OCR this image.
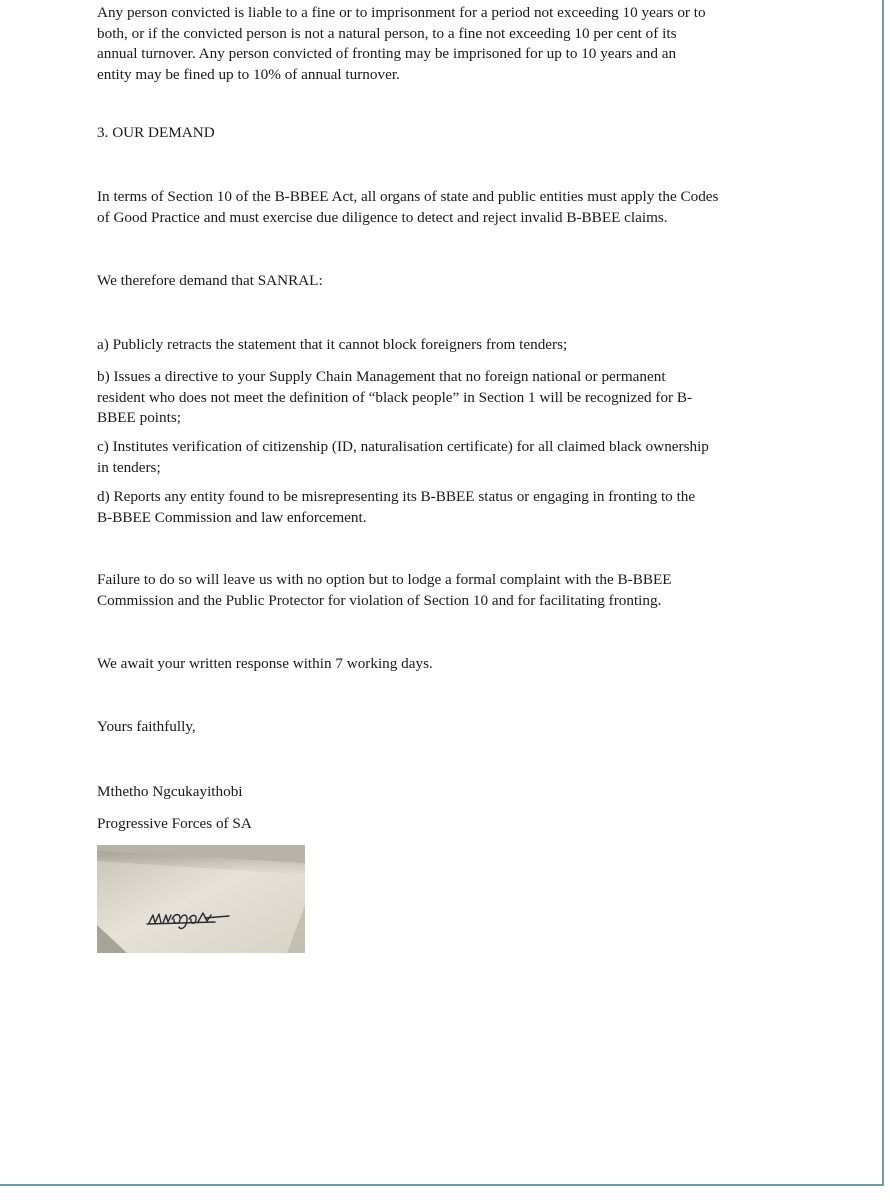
Any person convicted is liable to a fine or to imprisonment for a period not exceeding 10 years or to both, or if the convicted person is not a natural person, to a fine not exceeding 10 per cent of its annual turnover. Any person convicted of fronting may be imprisoned for up to 10 years and an entity may be fined up to 10% of annual turnover.

3. OUR DEMAND

In terms of Section 10 of the B-BBEE Act, all organs of state and public entities must apply the Codes of Good Practice and must exercise due diligence to detect and reject invalid B-BBEE claims.

We therefore demand that SANRAL:

a) Publicly retracts the statement that it cannot block foreigners from tenders;

b) Issues a directive to your Supply Chain Management that no foreign national or permanent resident who does not meet the definition of “black people” in Section 1 will be recognized for B-BBEE points;

c) Institutes verification of citizenship (ID, naturalisation certificate) for all claimed black ownership in tenders;

d) Reports any entity found to be misrepresenting its B-BBEE status or engaging in fronting to the B-BBEE Commission and law enforcement.

Failure to do so will leave us with no option but to lodge a formal complaint with the B-BBEE Commission and the Public Protector for violation of Section 10 and for facilitating fronting.

We await your written response within 7 working days.

Yours faithfully,

Mthetho Ngcukayithobi

Progressive Forces of SA
